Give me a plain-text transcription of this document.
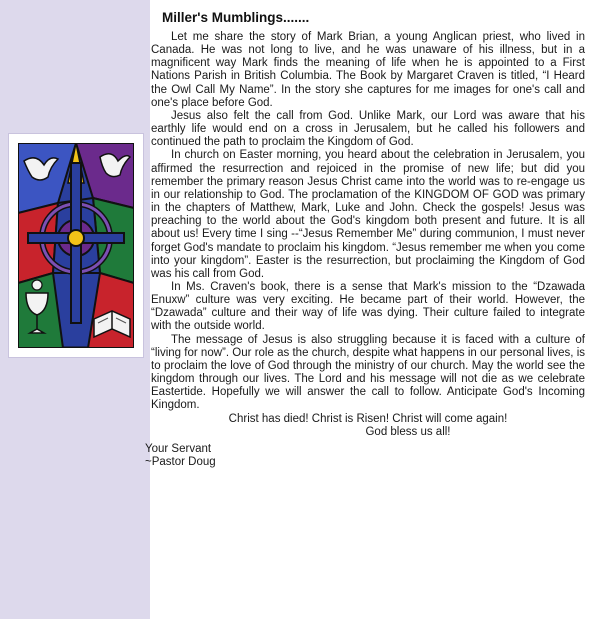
Miller's Mumblings.......

Let me share the story of Mark Brian, a young Anglican priest, who lived in Canada. He was not long to live, and he was unaware of his illness, but in a magnificent way Mark finds the meaning of life when he is appointed to a First Nations Parish in British Columbia. The Book by Margaret Craven is titled, “I Heard the Owl Call My Name”. In the story she captures for me images for one's call and one's place before God.

Jesus also felt the call from God. Unlike Mark, our Lord was aware that his earthly life would end on a cross in Jerusalem, but he called his followers and continued the path to proclaim the Kingdom of God.

In church on Easter morning, you heard about the celebration in Jerusalem, you affirmed the resurrection and rejoiced in the promise of new life; but did you remember the primary reason Jesus Christ came into the world was to re-engage us in our relationship to God. The proclamation of the KINGDOM OF GOD was primary in the chapters of Matthew, Mark, Luke and John. Check the gospels! Jesus was preaching to the world about the God's kingdom both present and future. It is all about us! Every time I sing --“Jesus Remember Me” during communion, I must never forget God's mandate to proclaim his kingdom. “Jesus remember me when you come into your kingdom”. Easter is the resurrection, but proclaiming the Kingdom of God was his call from God.

In Ms. Craven's book, there is a sense that Mark's mission to the “Dzawada Enuxw” culture was very exciting. He became part of their world. However, the “Dzawada” culture and their way of life was dying. Their culture failed to integrate with the outside world.

The message of Jesus is also struggling because it is faced with a culture of “living for now”. Our role as the church, despite what happens in our personal lives, is to proclaim the love of God through the ministry of our church. May the world see the kingdom through our lives. The Lord and his message will not die as we celebrate Eastertide. Hopefully we will answer the call to follow. Anticipate God's Incoming Kingdom.

Christ has died! Christ is Risen! Christ will come again!

God bless us all!

Your Servant
~Pastor Doug
